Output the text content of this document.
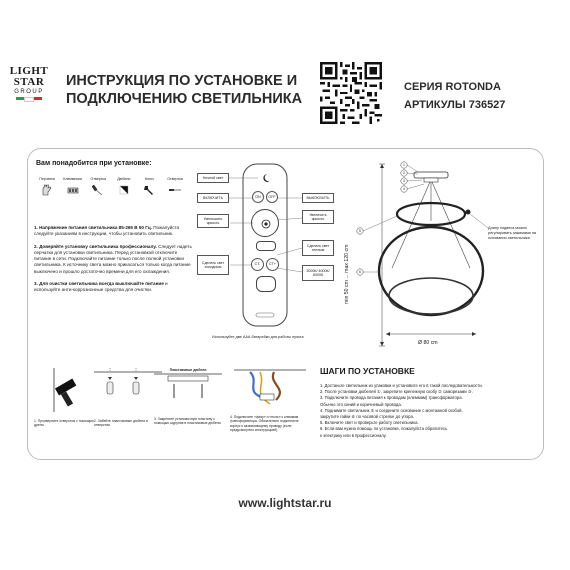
LIGHT
STAR
GROUP
ИНСТРУКЦИЯ ПО УСТАНОВКЕ И
ПОДКЛЮЧЕНИЮ СВЕТИЛЬНИКА
СЕРИЯ ROTONDA
АРТИКУЛЫ 736527
Вам понадобится при установке:
Перчатки Клеммники Отвертка	Дюбели	Ключ	Отвертка

1. Напряжение питания светильника 85-265 В 50 Гц. Пожалуйста следуйте указаниям в инструкции, чтобы установить светильник.

2. Доверяйте установку светильника профессионалу. Следует надеть перчатки для установки светильника. Перед установкой отключите питание в сети. Подключайте питание только после полной установки светильника. К источнику света можно прикасаться только когда питание выключено и прошло достаточно времени для его охлаждения.

3. Для очистки светильника всегда выключайте питание и используйте анти-коррозионные средства для очистки.

ON OFF
CT- CT+
Ночной свет
ВКЛЮЧИТЬ	ВЫКЛЮЧИТЬ
Уменьшить яркость
Увеличить яркость
Сделать свет холодным
Сделать свет теплым
3000К/ 4000К/ 6000К
Используйте две ААА батарейки для работы пульта
1
2
3
4
5
6
min 50 cm ... max 120 cm
Ø 80 cm
Длину подвеса можно регулировать зажимами на основании светильника
1. Просверлите отверстия с помощью дрели.
2. Забейте пластиковые дюбеля в отверстия.
Пластиковые дюбели
3. Закрепите установочную пластину с помощью шурупов в пластиковые дюбели.
4. Подключите «фазу» и «ноль» к клеммам трансформатора. Обязательно подключите корпус к заземляющему проводу (если предусмотрено конструкцией)
ШАГИ ПО УСТАНОВКЕ
1. Достаньте светильник из упаковки и установите его в такой последовательности.
2. После установки дюбелей ①, закрепите крепежную скобу ② саморезами ③.
3. Подключите провода питания к проводам (клеммам) трансформатора.
Обычно это синий и коричневый провода.
4. Поднимите светильник ⑤ и соедините основание с монтажной скобой,
закрутите гайки ⑥ по часовой стрелке до упора.
5. Включите свет и проверьте работу светильника.
6. Если вам нужна помощь по установке, пожалуйста обратитесь
к электрику или в профессионалу.
www.lightstar.ru
